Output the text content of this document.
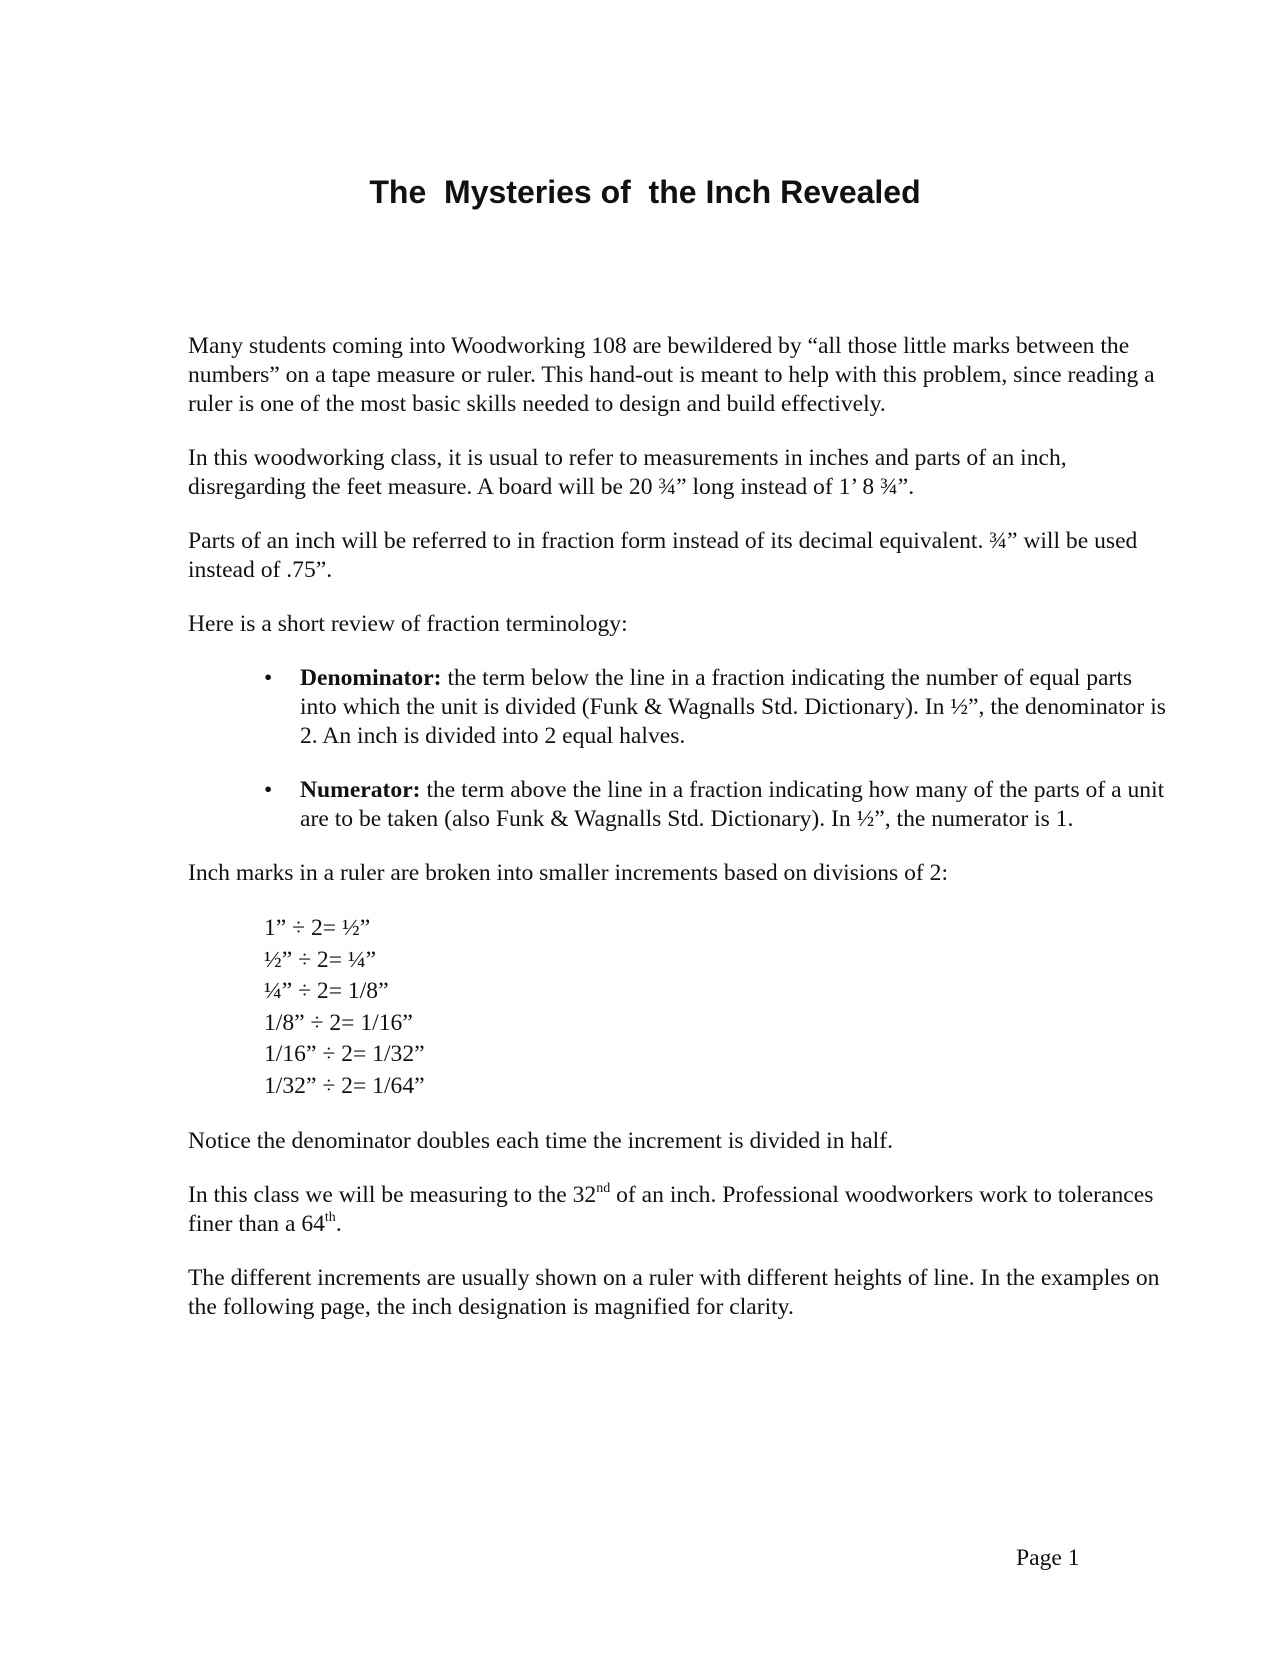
The  Mysteries of  the Inch Revealed

Many students coming into Woodworking 108 are bewildered by “all those little marks between the numbers” on a tape measure or ruler. This hand-out is meant to help with this problem, since reading a ruler is one of the most basic skills needed to design and build effectively.

In this woodworking class, it is usual to refer to measurements in inches and parts of an inch, disregarding the feet measure. A board will be 20 ¾” long instead of 1’ 8 ¾”.

Parts of an inch will be referred to in fraction form instead of its decimal equivalent. ¾” will be used instead of .75”.

Here is a short review of fraction terminology:

• Denominator: the term below the line in a fraction indicating the number of equal parts into which the unit is divided (Funk & Wagnalls Std. Dictionary). In ½”, the denominator is 2. An inch is divided into 2 equal halves.
• Numerator: the term above the line in a fraction indicating how many of the parts of a unit are to be taken (also Funk & Wagnalls Std. Dictionary). In ½”, the numerator is 1.

Inch marks in a ruler are broken into smaller increments based on divisions of 2:

1” ÷ 2= ½”
½” ÷ 2= ¼”
¼” ÷ 2= 1/8”
1/8” ÷ 2= 1/16”
1/16” ÷ 2= 1/32”
1/32” ÷ 2= 1/64”

Notice the denominator doubles each time the increment is divided in half.

In this class we will be measuring to the 32nd of an inch. Professional woodworkers work to tolerances finer than a 64th.

The different increments are usually shown on a ruler with different heights of line. In the examples on the following page, the inch designation is magnified for clarity.

Page 1
